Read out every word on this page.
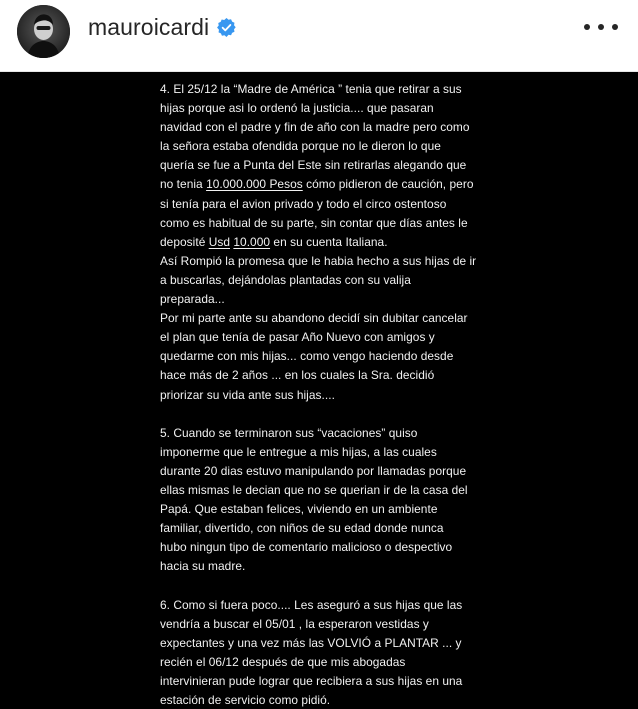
mauroicardi
4. El 25/12 la “Madre de América ” tenia que retirar a sus
hijas porque asi lo ordenó la justicia.... que pasaran
navidad con el padre y fin de año con la madre pero como
la señora estaba ofendida porque no le dieron lo que
quería se fue a Punta del Este sin retirarlas alegando que
no tenia 10.000.000 Pesos cómo pidieron de caución, pero
si tenía para el avion privado y todo el circo ostentoso
como es habitual de su parte, sin contar que días antes le
deposité Usd 10.000 en su cuenta Italiana.
Así Rompió la promesa que le habia hecho a sus hijas de ir
a buscarlas, dejándolas plantadas con su valija
preparada...
Por mi parte ante su abandono decidí sin dubitar cancelar
el plan que tenía de pasar Año Nuevo con amigos y
quedarme con mis hijas... como vengo haciendo desde
hace más de 2 años ... en los cuales la Sra. decidió
priorizar su vida ante sus hijas....
5. Cuando se terminaron sus “vacaciones” quiso
imponerme que le entregue a mis hijas, a las cuales
durante 20 dias estuvo manipulando por llamadas porque
ellas mismas le decian que no se querian ir de la casa del
Papá. Que estaban felices, viviendo en un ambiente
familiar, divertido, con niños de su edad donde nunca
hubo ningun tipo de comentario malicioso o despectivo
hacia su madre.
6. Como si fuera poco.... Les aseguró a sus hijas que las
vendría a buscar el 05/01 , la esperaron vestidas y
expectantes y una vez más las VOLVIÓ a PLANTAR ... y
recién el 06/12 después de que mis abogadas
intervinieran pude lograr que recibiera a sus hijas en una
estación de servicio como pidió.
